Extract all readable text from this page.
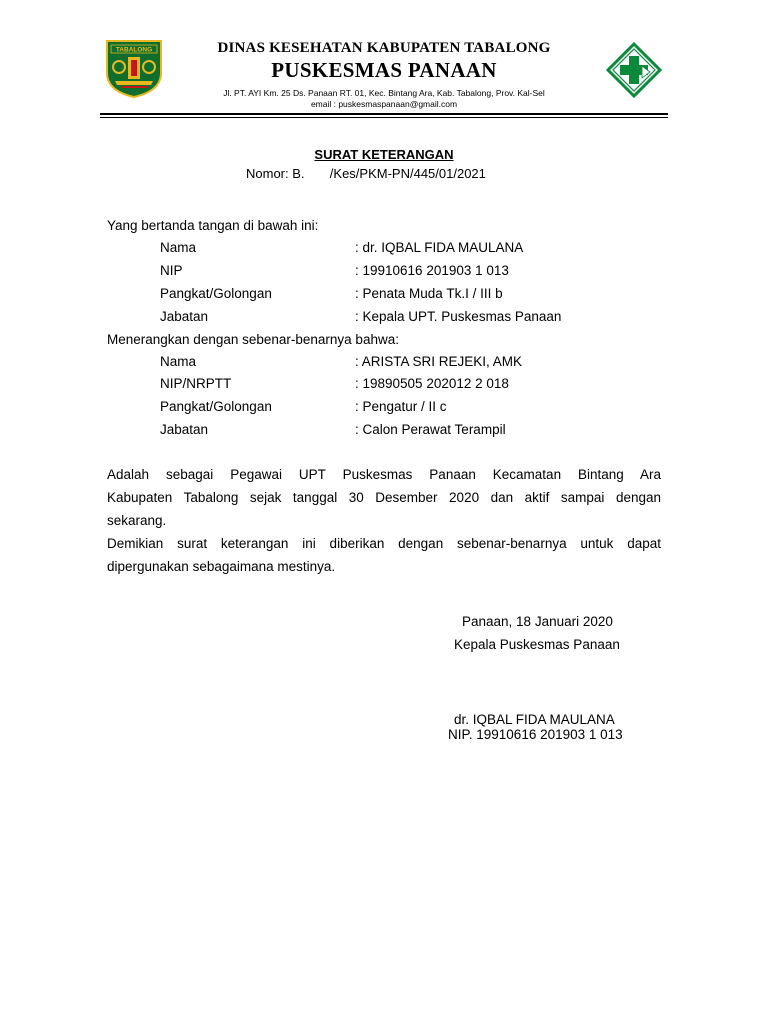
TABALONG	DINAS KESEHATAN KABUPATEN TABALONG
PUSKESMAS PANAAN
Jl. PT. AYI Km. 25 Ds. Panaan RT. 01, Kec. Bintang Ara, Kab. Tabalong, Prov. Kal-Sel
email : puskesmaspanaan@gmail.com
SURAT KETERANGAN
Nomor: B.       /Kes/PKM-PN/445/01/2021
Yang bertanda tangan di bawah ini:
Nama	: dr. IQBAL FIDA MAULANA
NIP	: 19910616 201903 1 013
Pangkat/Golongan	: Penata Muda Tk.I / III b
Jabatan	: Kepala UPT. Puskesmas Panaan
Menerangkan dengan sebenar-benarnya bahwa:
Nama	: ARISTA SRI REJEKI, AMK
NIP/NRPTT	: 19890505 202012 2 018
Pangkat/Golongan	: Pengatur / II c
Jabatan	: Calon Perawat Terampil
Adalah sebagai Pegawai UPT Puskesmas Panaan Kecamatan Bintang Ara
Kabupaten Tabalong sejak tanggal 30 Desember 2020 dan aktif sampai dengan
sekarang.
Demikian surat keterangan ini diberikan dengan sebenar-benarnya untuk dapat
dipergunakan sebagaimana mestinya.
Panaan, 18 Januari 2020
Kepala Puskesmas Panaan
dr. IQBAL FIDA MAULANA
NIP. 19910616 201903 1 013
